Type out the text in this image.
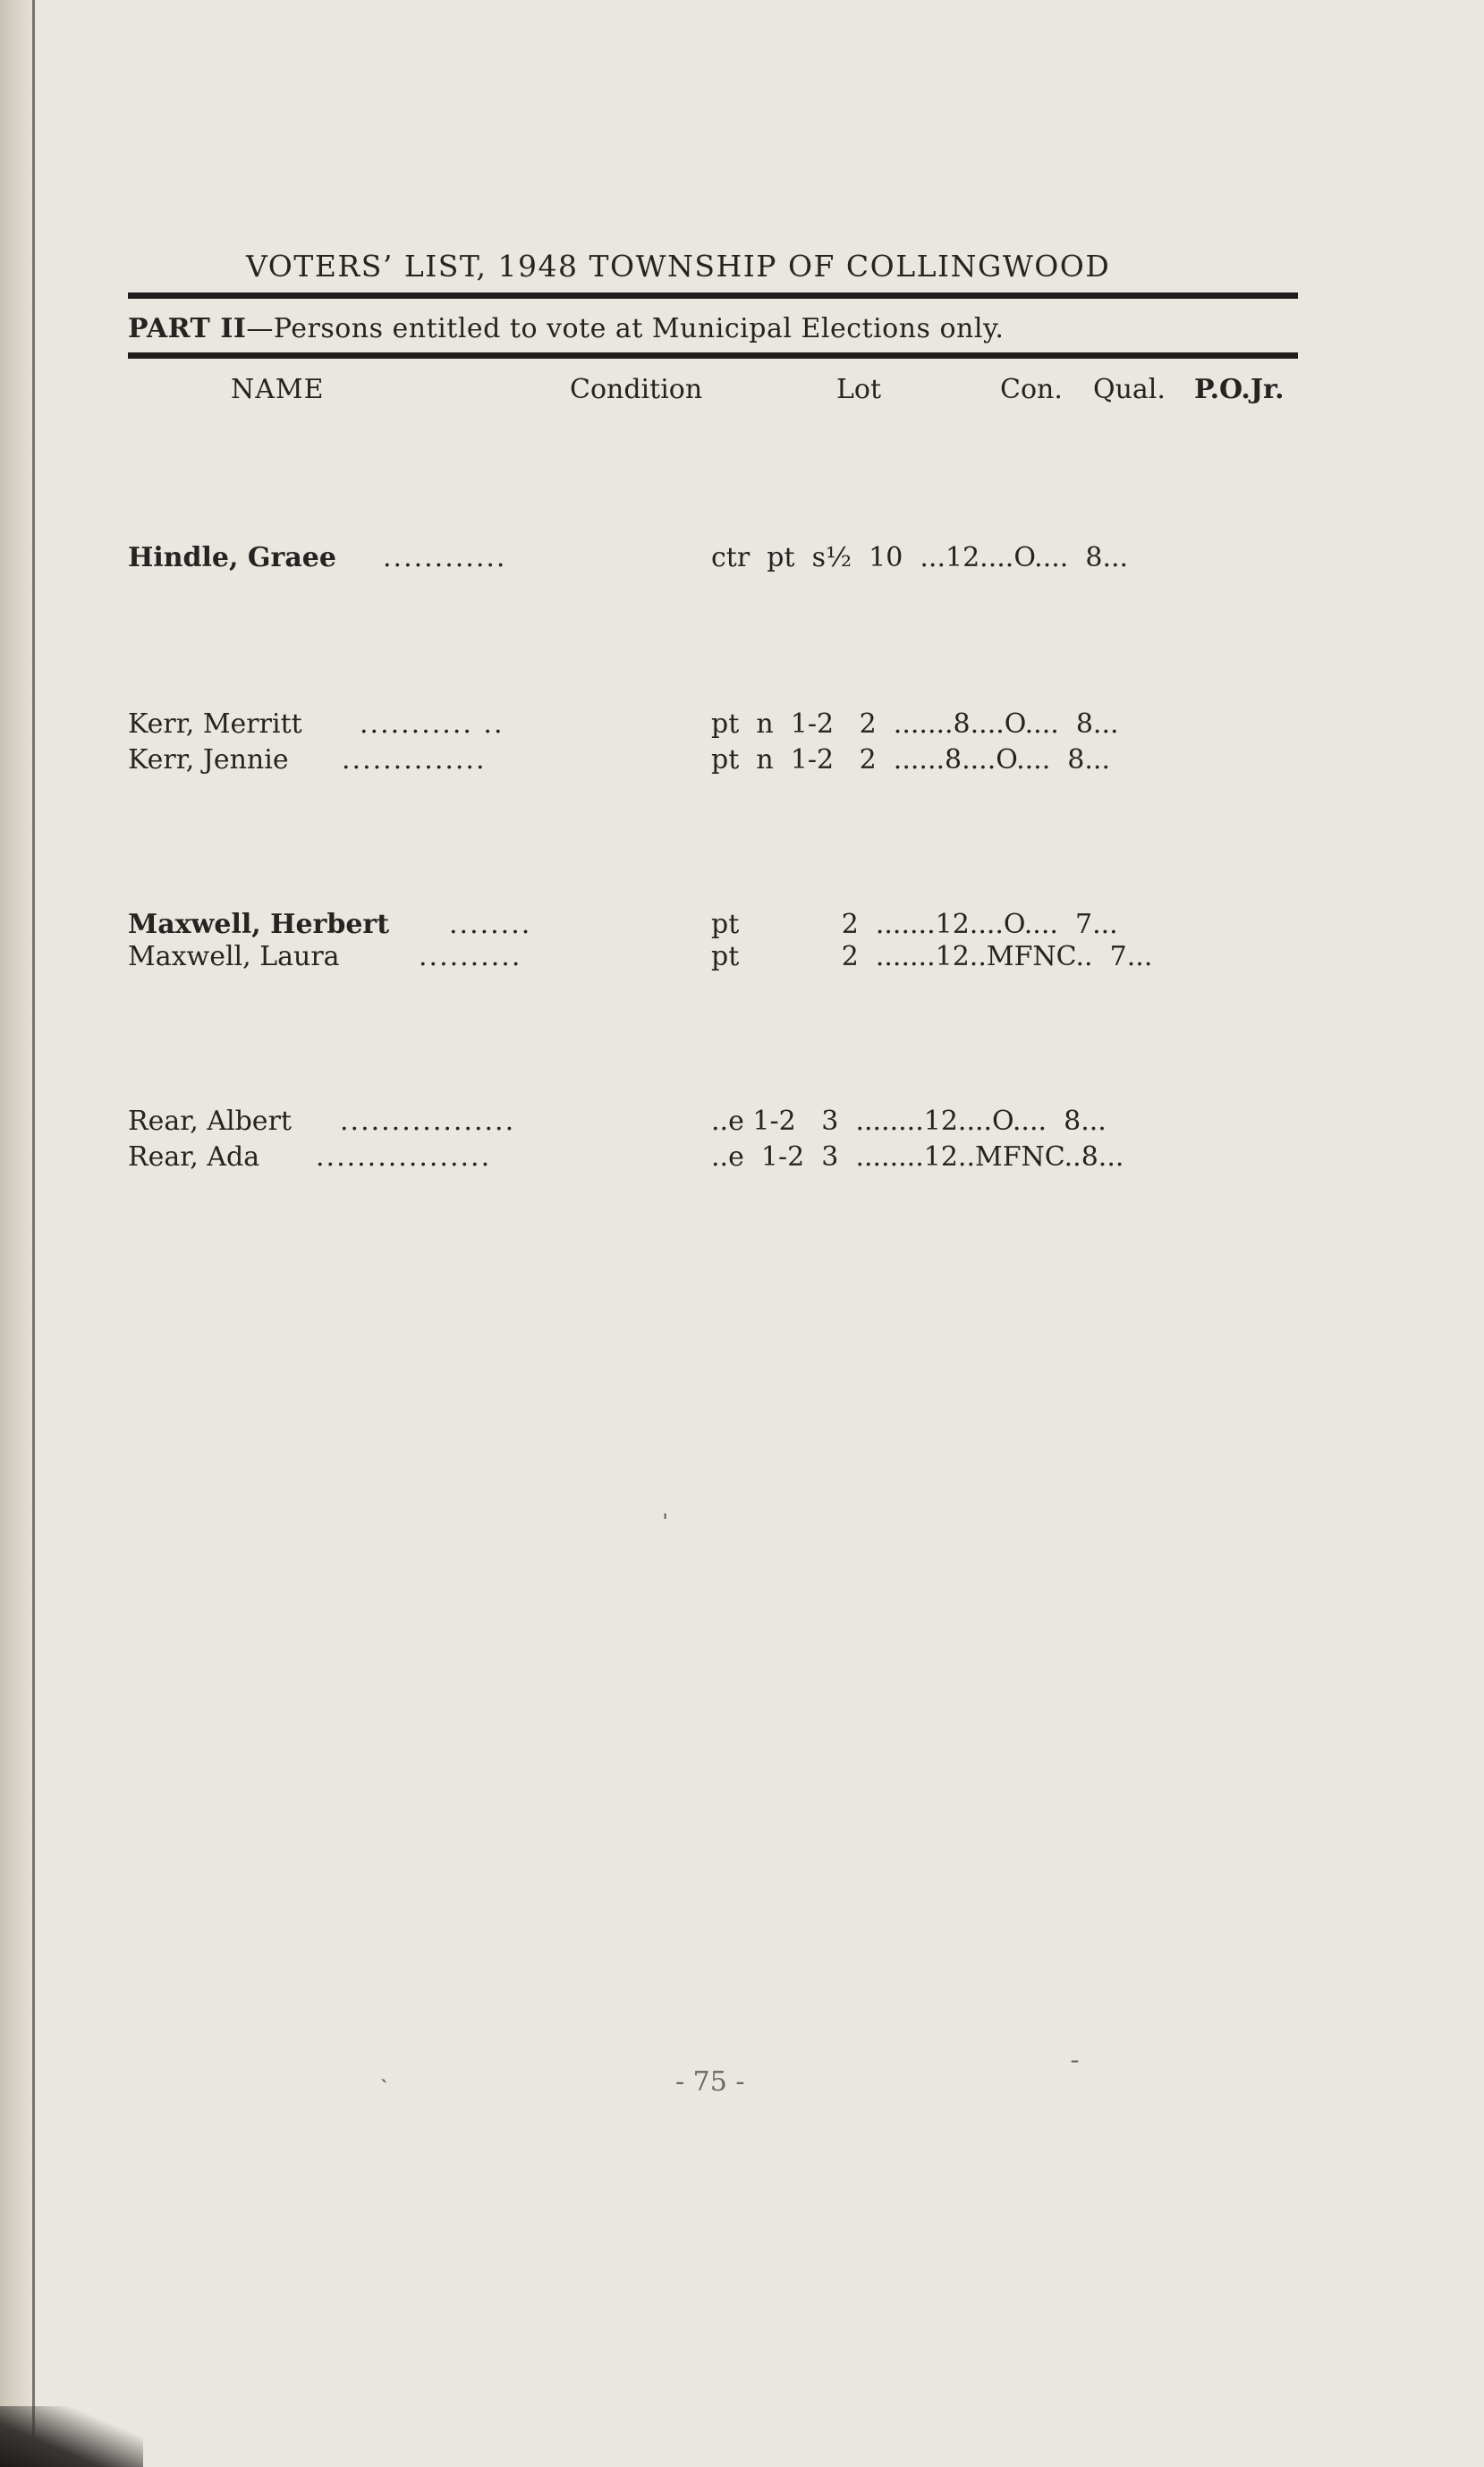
VOTERS’ LIST, 1948 TOWNSHIP OF COLLINGWOOD
PART II—Persons entitled to vote at Municipal Elections only.
NAME	Condition	Lot	Con. Qual. P.O.Jr.
Hindle, Graee ............	ctr  pt  s½  10  ...12....O....  8...
Kerr, Merritt ........... ..	pt  n  1-2   2  .......8....O....  8...
Kerr, Jennie ..............	pt  n  1-2   2  ......8....O....  8...
Maxwell, Herbert ........	pt            2  .......12....O....  7...
Maxwell, Laura	..........	pt            2  .......12..MFNC..  7...
Rear, Albert .................	..e 1-2   3  ........12....O....  8...
Rear, Ada .................	..e  1-2  3  ........12..MFNC..8...
ˌ
ˎ	ˉ
- 75 -
